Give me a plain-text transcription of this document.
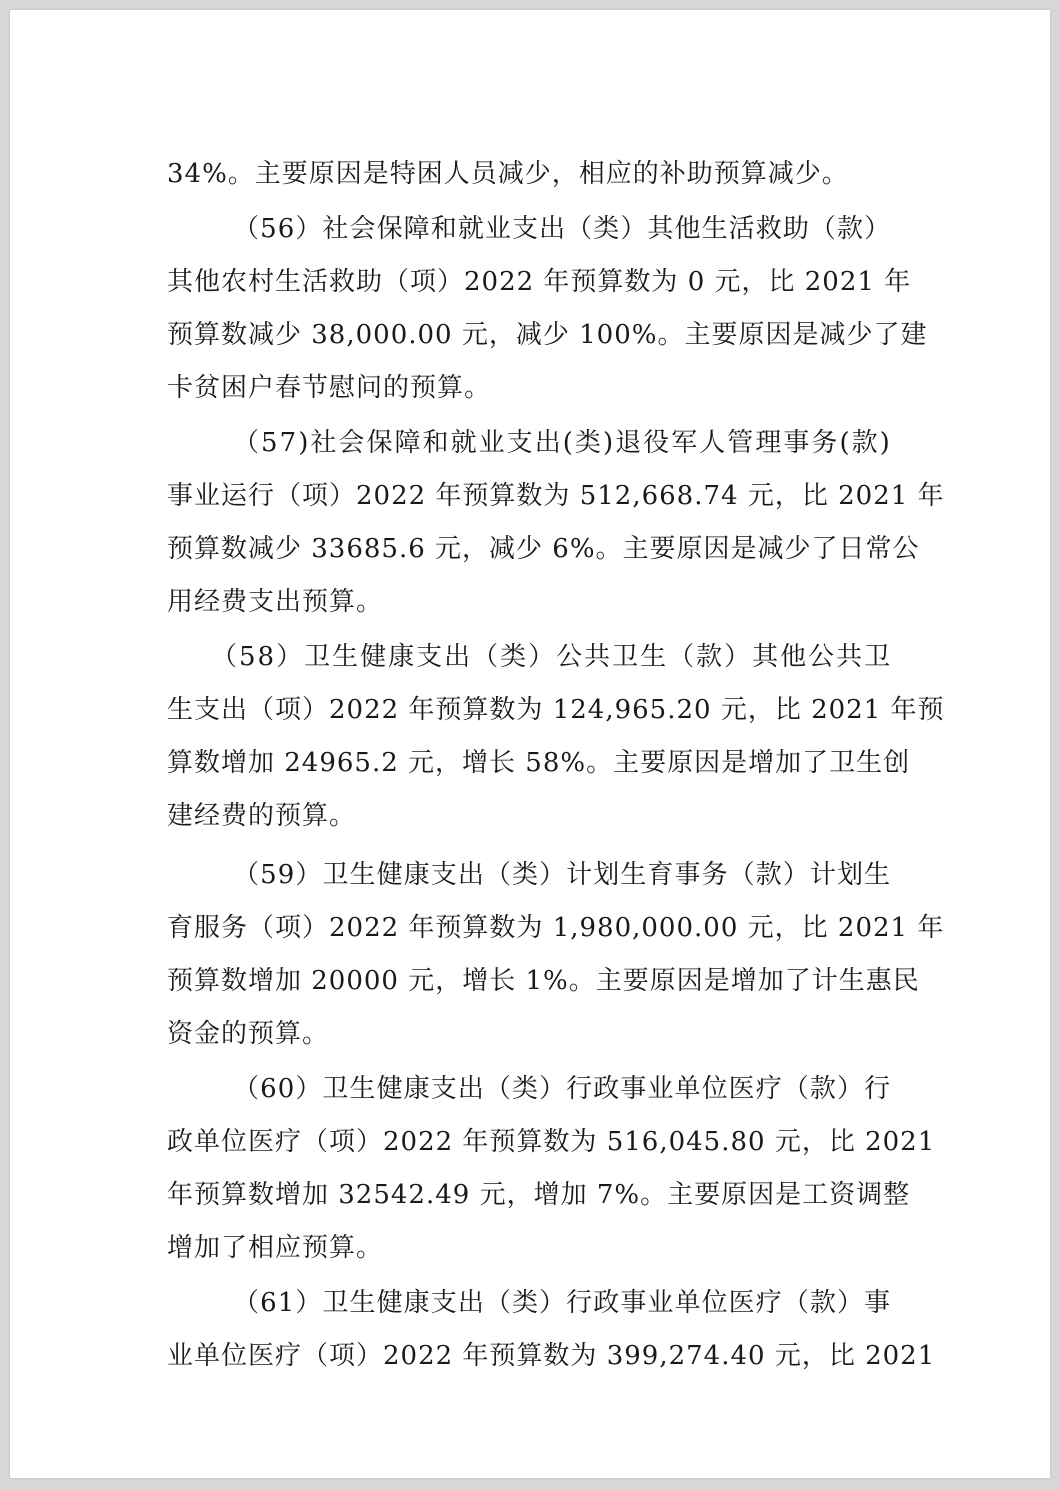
34%。主要原因是特困人员减少，相应的补助预算减少。
（56）社会保障和就业支出（类）其他生活救助（款）
其他农村生活救助（项）2022 年预算数为 0 元，比 2021 年
预算数减少 38,000.00 元，减少 100%。主要原因是减少了建
卡贫困户春节慰问的预算。
（57)社会保障和就业支出(类)退役军人管理事务(款)
事业运行（项）2022 年预算数为 512,668.74 元，比 2021 年
预算数减少 33685.6 元，减少 6%。主要原因是减少了日常公
用经费支出预算。
（58）卫生健康支出（类）公共卫生（款）其他公共卫
生支出（项）2022 年预算数为 124,965.20 元，比 2021 年预
算数增加 24965.2 元，增长 58%。主要原因是增加了卫生创
建经费的预算。
（59）卫生健康支出（类）计划生育事务（款）计划生
育服务（项）2022 年预算数为 1,980,000.00 元，比 2021 年
预算数增加 20000 元，增长 1%。主要原因是增加了计生惠民
资金的预算。
（60）卫生健康支出（类）行政事业单位医疗（款）行
政单位医疗（项）2022 年预算数为 516,045.80 元，比 2021
年预算数增加 32542.49 元，增加 7%。主要原因是工资调整
增加了相应预算。
（61）卫生健康支出（类）行政事业单位医疗（款）事
业单位医疗（项）2022 年预算数为 399,274.40 元，比 2021
